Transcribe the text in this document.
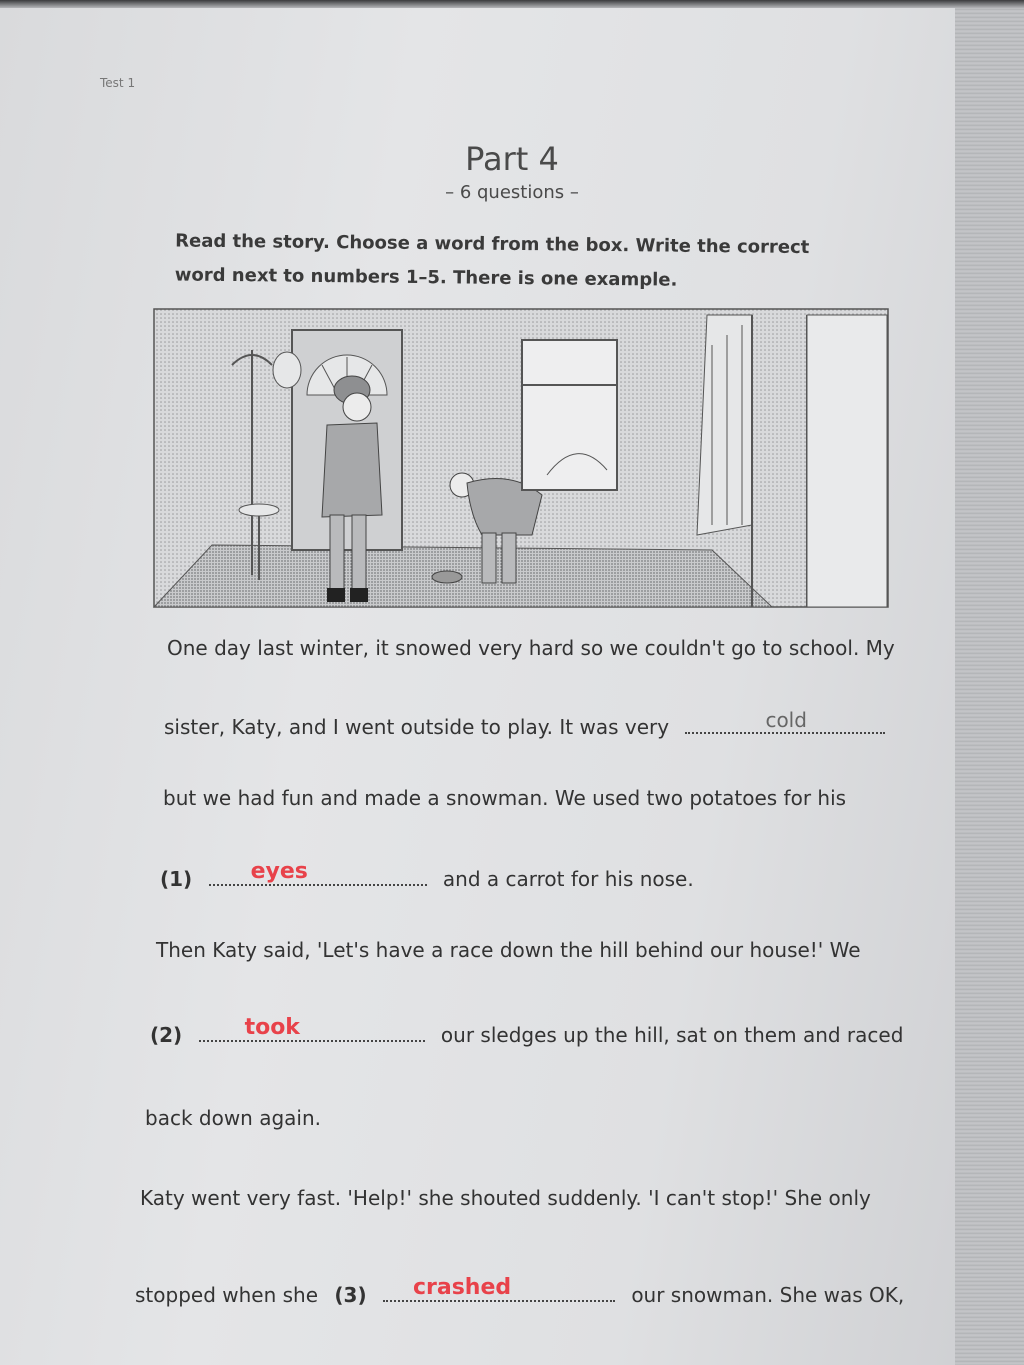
Test 1
Part 4
– 6 questions –
Read the story. Choose a word from the box. Write the correct word next to numbers 1–5. There is one example.
One day last winter, it snowed very hard so we couldn't go to school. My
sister, Katy, and I went outside to play. It was very	cold
but we had fun and made a snowman. We used two potatoes for his
(1)	eyes	and a carrot for his nose.
Then Katy said, 'Let's have a race down the hill behind our house!' We
(2)	took	our sledges up the hill, sat on them and raced
back down again.
Katy went very fast. 'Help!' she shouted suddenly. 'I can't stop!' She only
stopped when she (3) crashed	our snowman. She was OK,
